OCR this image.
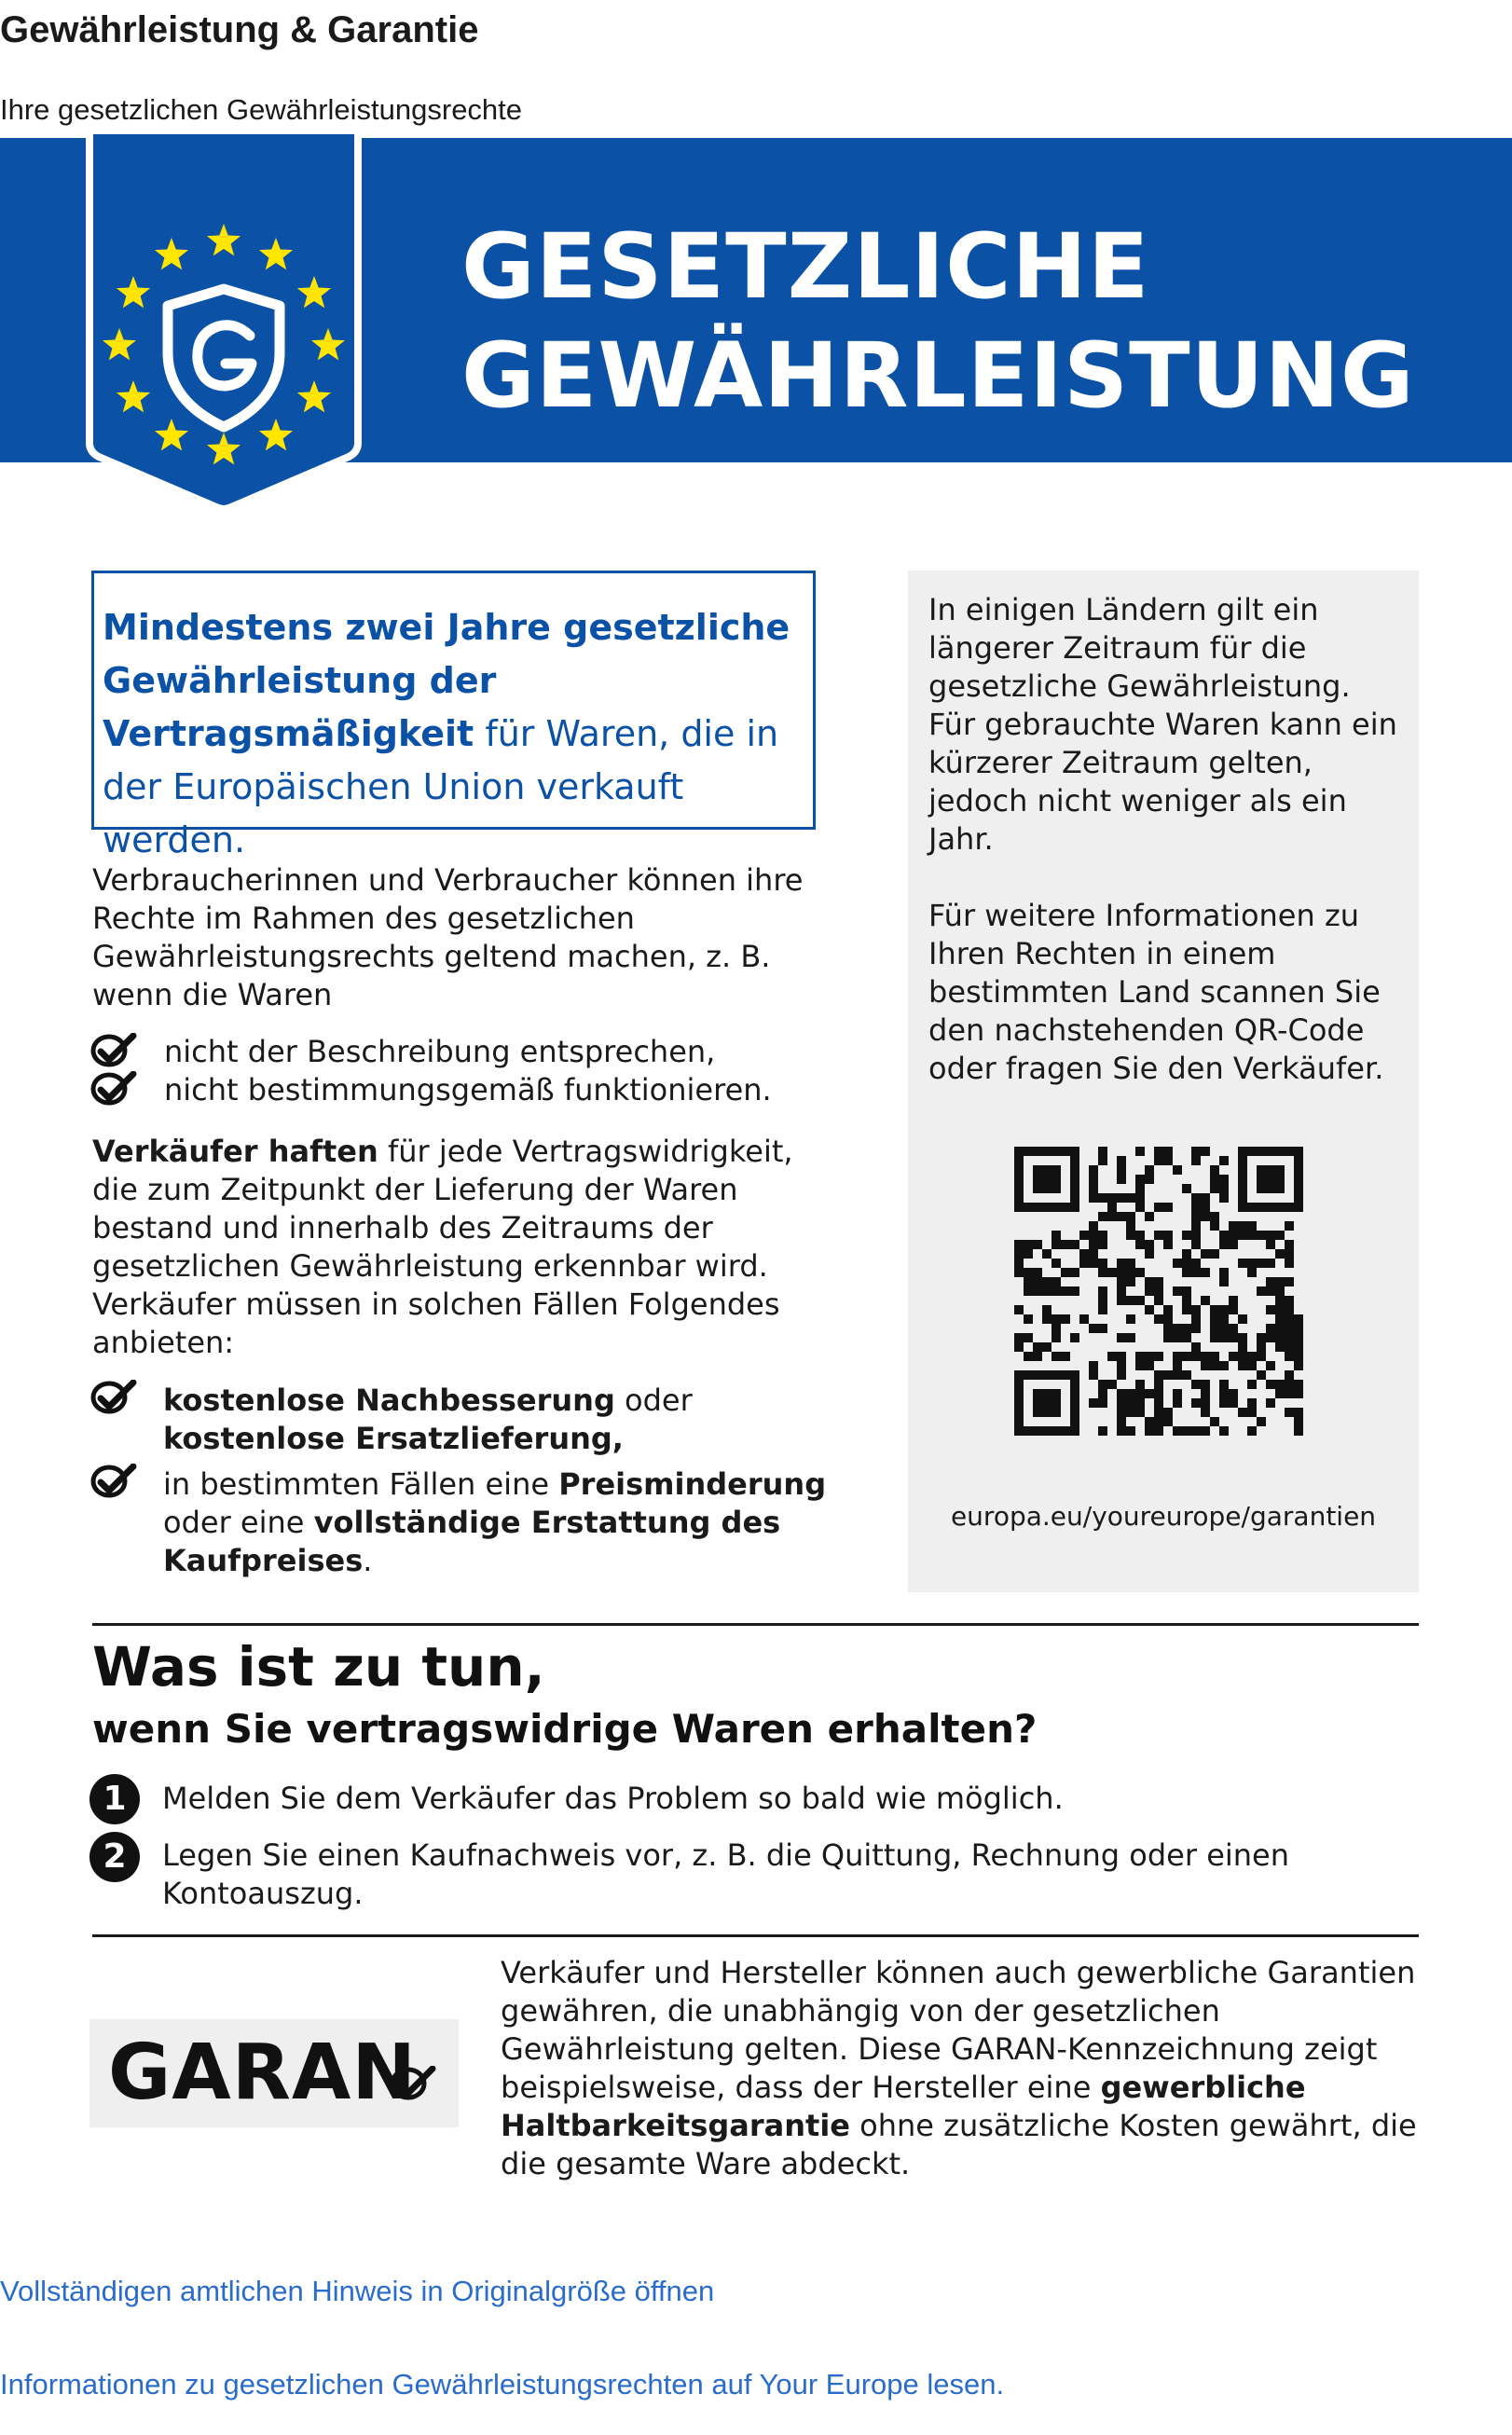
Gewährleistung & Garantie
Ihre gesetzlichen Gewährleistungsrechte
GESETZLICHE
GEWÄHRLEISTUNG
Mindestens zwei Jahre gesetzliche Gewährleistung der Vertragsmäßigkeit für Waren, die in der Europäischen Union verkauft werden.
Verbraucherinnen und Verbraucher können ihre Rechte im Rahmen des gesetzlichen Gewährleistungsrechts geltend machen, z. B. wenn die Waren
nicht der Beschreibung entsprechen,
nicht bestimmungsgemäß funktionieren.
Verkäufer haften für jede Vertragswidrigkeit, die zum Zeitpunkt der Lieferung der Waren bestand und innerhalb des Zeitraums der gesetzlichen Gewährleistung erkennbar wird. Verkäufer müssen in solchen Fällen Folgendes anbieten:
kostenlose Nachbesserung oder
kostenlose Ersatzlieferung,
in bestimmten Fällen eine Preisminderung oder eine vollständige Erstattung des Kaufpreises.
In einigen Ländern gilt ein längerer Zeitraum für die gesetzliche Gewährleistung. Für gebrauchte Waren kann ein kürzerer Zeitraum gelten, jedoch nicht weniger als ein Jahr.
Für weitere Informationen zu Ihren Rechten in einem bestimmten Land scannen Sie den nachstehenden QR-Code oder fragen Sie den Verkäufer.
europa.eu/youreurope/garantien
Was ist zu tun,
wenn Sie vertragswidrige Waren erhalten?
1	Melden Sie dem Verkäufer das Problem so bald wie möglich.
2	Legen Sie einen Kaufnachweis vor, z. B. die Quittung, Rechnung oder einen Kontoauszug.
GARAN
Verkäufer und Hersteller können auch gewerbliche Garantien gewähren, die unabhängig von der gesetzlichen Gewährleistung gelten. Diese GARAN-Kennzeichnung zeigt beispielsweise, dass der Hersteller eine gewerbliche Haltbarkeitsgarantie ohne zusätzliche Kosten gewährt, die die gesamte Ware abdeckt.
Vollständigen amtlichen Hinweis in Originalgröße öffnen
Informationen zu gesetzlichen Gewährleistungsrechten auf Your Europe lesen.
